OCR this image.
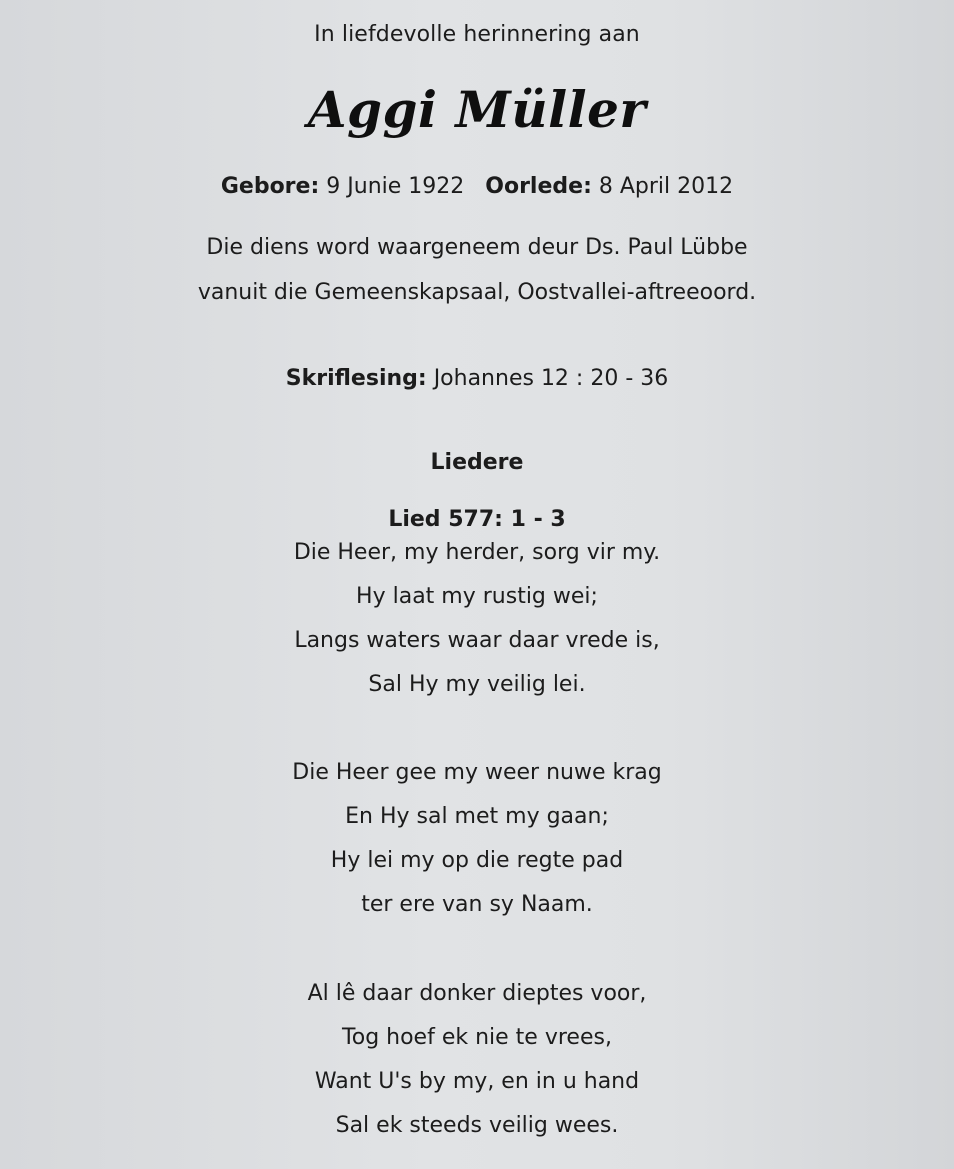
In liefdevolle herinnering aan
Aggi Müller
Gebore: 9 Junie 1922 Oorlede: 8 April 2012
Die diens word waargeneem deur Ds. Paul Lübbe
vanuit die Gemeenskapsaal, Oostvallei-aftreeoord.
Skriflesing: Johannes 12 : 20 - 36
Liedere
Lied 577: 1 - 3
Die Heer, my herder, sorg vir my.
Hy laat my rustig wei;
Langs waters waar daar vrede is,
Sal Hy my veilig lei.
Die Heer gee my weer nuwe krag
En Hy sal met my gaan;
Hy lei my op die regte pad
ter ere van sy Naam.
Al lê daar donker dieptes voor,
Tog hoef ek nie te vrees,
Want U's by my, en in u hand
Sal ek steeds veilig wees.
